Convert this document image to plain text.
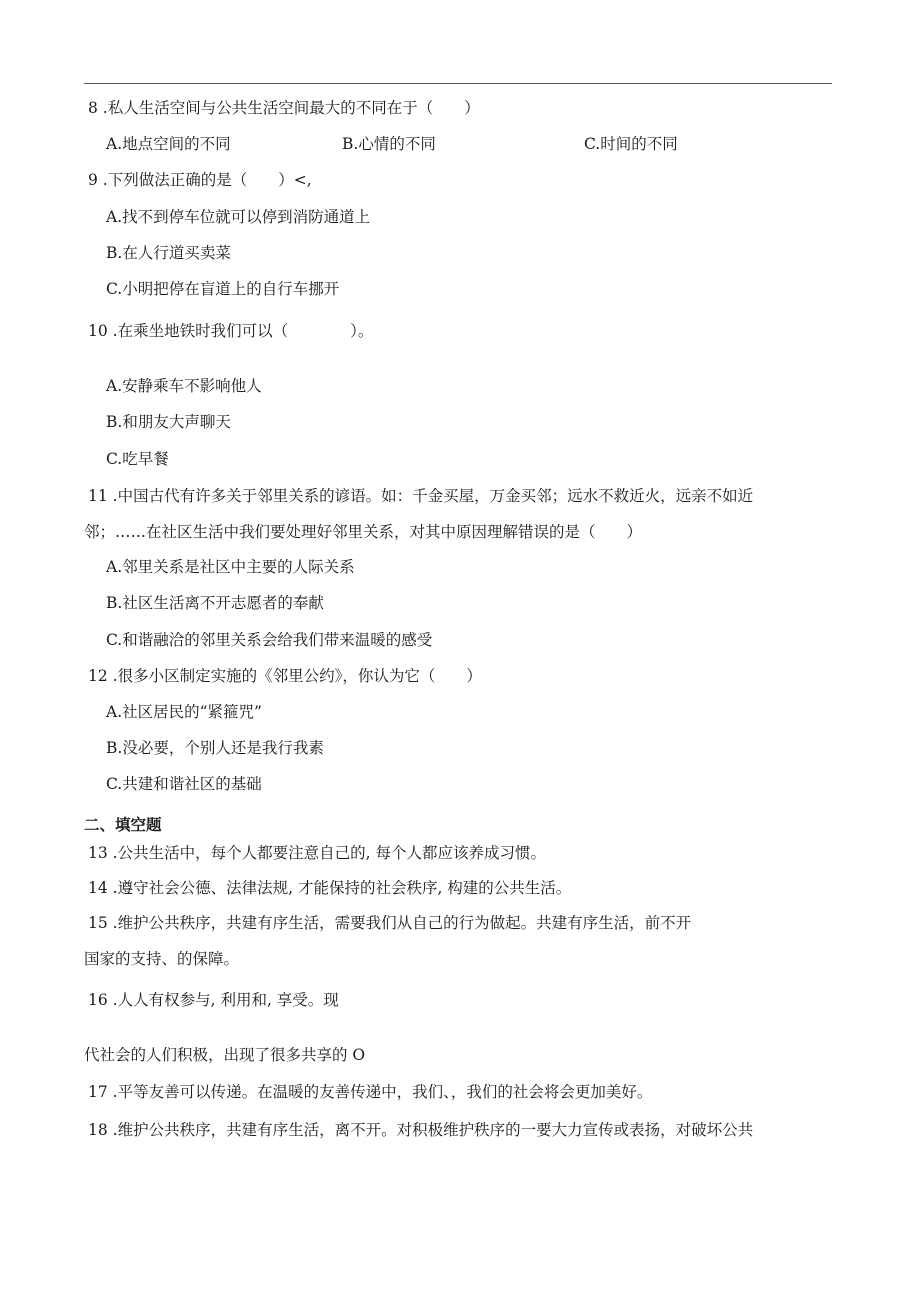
8 .私人生活空间与公共生活空间最大的不同在于（　　）
A.地点空间的不同	B.心情的不同	C.时间的不同
9 .下列做法正确的是（　　）<,
A.找不到停车位就可以停到消防通道上
B.在人行道买卖菜
C.小明把停在盲道上的自行车挪开
10 .在乘坐地铁时我们可以（　　　　）。
A.安静乘车不影响他人
B.和朋友大声聊天
C.吃早餐
11 .中国古代有许多关于邻里关系的谚语。如：千金买屋，万金买邻；远水不救近火，远亲不如近
邻；……在社区生活中我们要处理好邻里关系，对其中原因理解错误的是（　　）
A.邻里关系是社区中主要的人际关系
B.社区生活离不开志愿者的奉献
C.和谐融洽的邻里关系会给我们带来温暖的感受
12 .很多小区制定实施的《邻里公约》，你认为它（　　）
A.社区居民的“紧箍咒”
B.没必要，个别人还是我行我素
C.共建和谐社区的基础
二、填空题
13 .公共生活中，每个人都要注意自己的, 每个人都应该养成习惯。
14 .遵守社会公德、法律法规, 才能保持的社会秩序, 构建的公共生活。
15 .维护公共秩序，共建有序生活，需要我们从自己的行为做起。共建有序生活，前不开
国家的支持、的保障。
16 .人人有权参与, 利用和, 享受。现
代社会的人们积极，出现了很多共享的 O
17 .平等友善可以传递。在温暖的友善传递中，我们、，我们的社会将会更加美好。
18 .维护公共秩序，共建有序生活，离不开。对积极维护秩序的一要大力宣传或表扬，对破坏公共
